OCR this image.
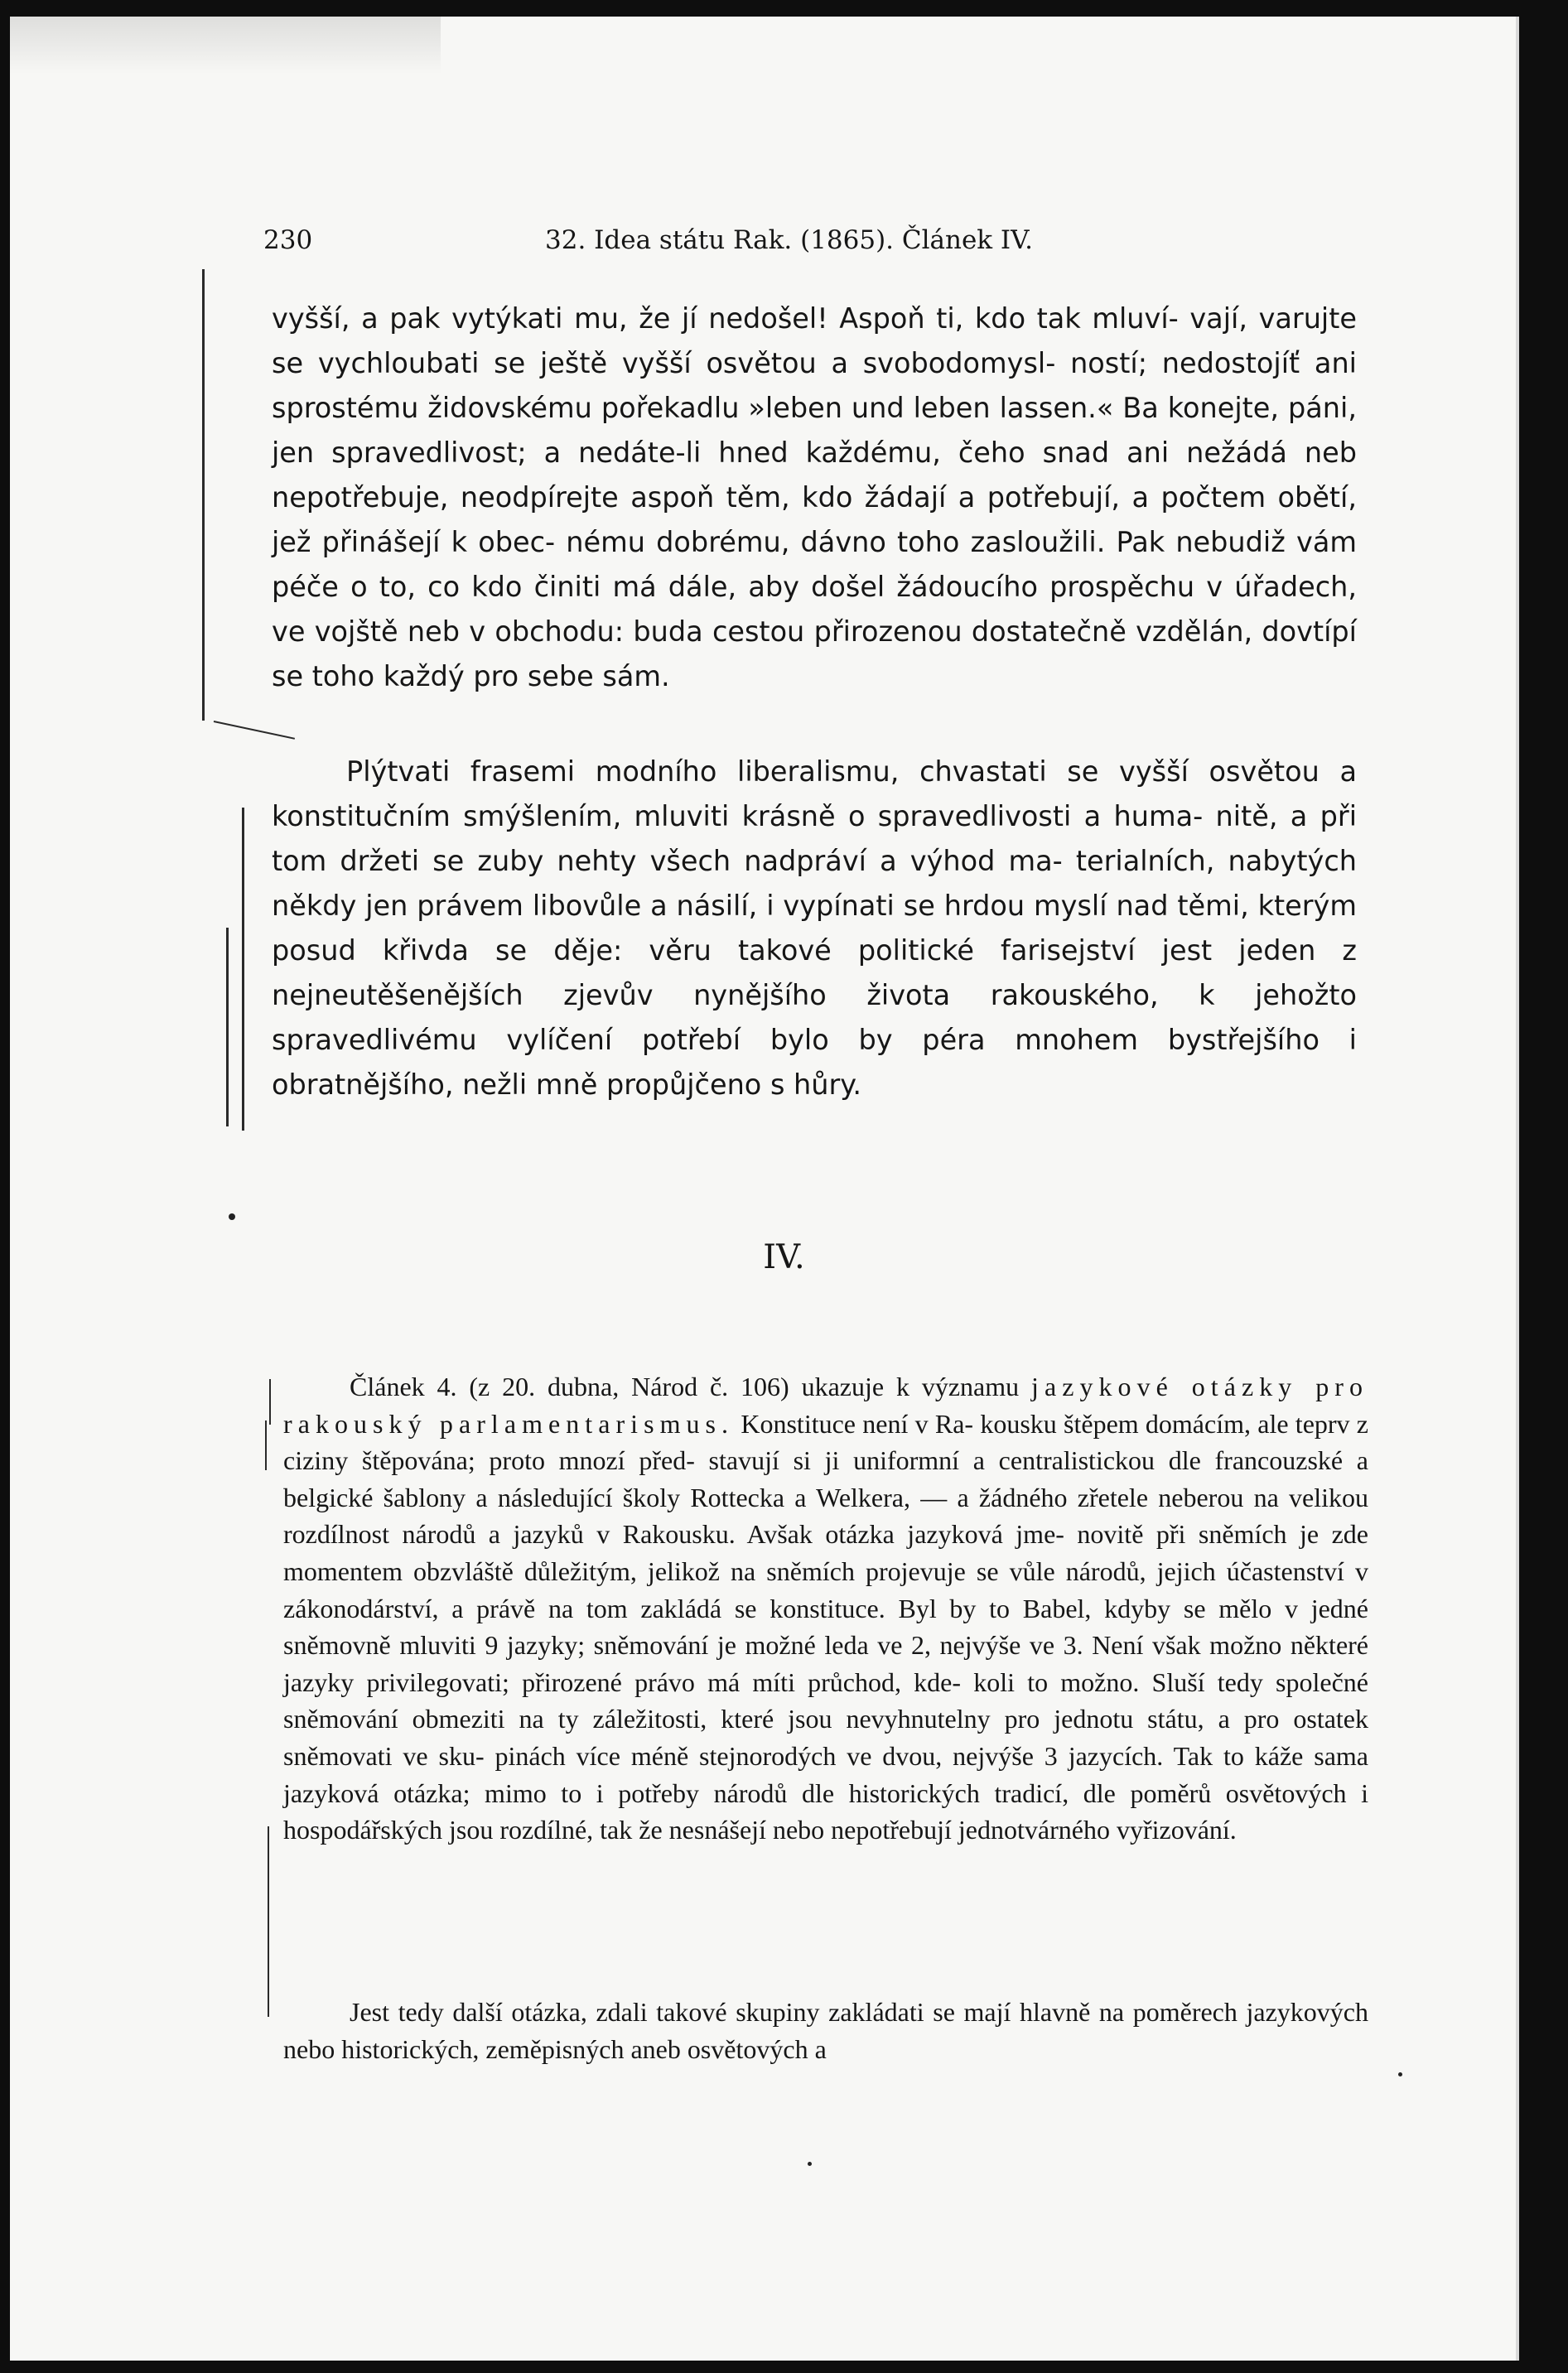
230	32. Idea státu Rak. (1865). Článek IV.

vyšší, a pak vytýkati mu, že jí nedošel! Aspoň ti, kdo tak mluví- vají, varujte se vychloubati se ještě vyšší osvětou a svobodomysl- ností; nedostojíť ani sprostému židovskému pořekadlu »leben und leben lassen.« Ba konejte, páni, jen spravedlivost; a nedáte-li hned každému, čeho snad ani nežádá neb nepotřebuje, neodpírejte aspoň těm, kdo žádají a potřebují, a počtem obětí, jež přinášejí k obec- nému dobrému, dávno toho zasloužili. Pak nebudiž vám péče o to, co kdo činiti má dále, aby došel žádoucího prospěchu v úřadech, ve vojště neb v obchodu: buda cestou přirozenou dostatečně vzdělán, dovtípí se toho každý pro sebe sám.

Plýtvati frasemi modního liberalismu, chvastati se vyšší osvětou a konstitučním smýšlením, mluviti krásně o spravedlivosti a huma- nitě, a při tom držeti se zuby nehty všech nadpráví a výhod ma- terialních, nabytých někdy jen právem libovůle a násilí, i vypínati se hrdou myslí nad těmi, kterým posud křivda se děje: věru takové politické farisejství jest jeden z nejneutěšenějších zjevův nynějšího života rakouského, k jehožto spravedlivému vylíčení potřebí bylo by péra mnohem bystřejšího i obratnějšího, nežli mně propůjčeno s hůry.

IV.

Článek 4. (z 20. dubna, Národ č. 106) ukazuje k významu jazykové otázky pro rakouský parlamentarismus. Konstituce není v Ra- kousku štěpem domácím, ale teprv z ciziny štěpována; proto mnozí před- stavují si ji uniformní a centralistickou dle francouzské a belgické šablony a následující školy Rottecka a Welkera, — a žádného zřetele neberou na velikou rozdílnost národů a jazyků v Rakousku. Avšak otázka jazyková jme- novitě při sněmích je zde momentem obzvláště důležitým, jelikož na sněmích projevuje se vůle národů, jejich účastenství v zákonodárství, a právě na tom zakládá se konstituce. Byl by to Babel, kdyby se mělo v jedné sněmovně mluviti 9 jazyky; sněmování je možné leda ve 2, nejvýše ve 3. Není však možno některé jazyky privilegovati; přirozené právo má míti průchod, kde- koli to možno. Sluší tedy společné sněmování obmeziti na ty záležitosti, které jsou nevyhnutelny pro jednotu státu, a pro ostatek sněmovati ve sku- pinách více méně stejnorodých ve dvou, nejvýše 3 jazycích. Tak to káže sama jazyková otázka; mimo to i potřeby národů dle historických tradicí, dle poměrů osvětových i hospodářských jsou rozdílné, tak že nesnášejí nebo nepotřebují jednotvárného vyřizování.

Jest tedy další otázka, zdali takové skupiny zakládati se mají hlavně na poměrech jazykových nebo historických, zeměpisných aneb osvětových a
